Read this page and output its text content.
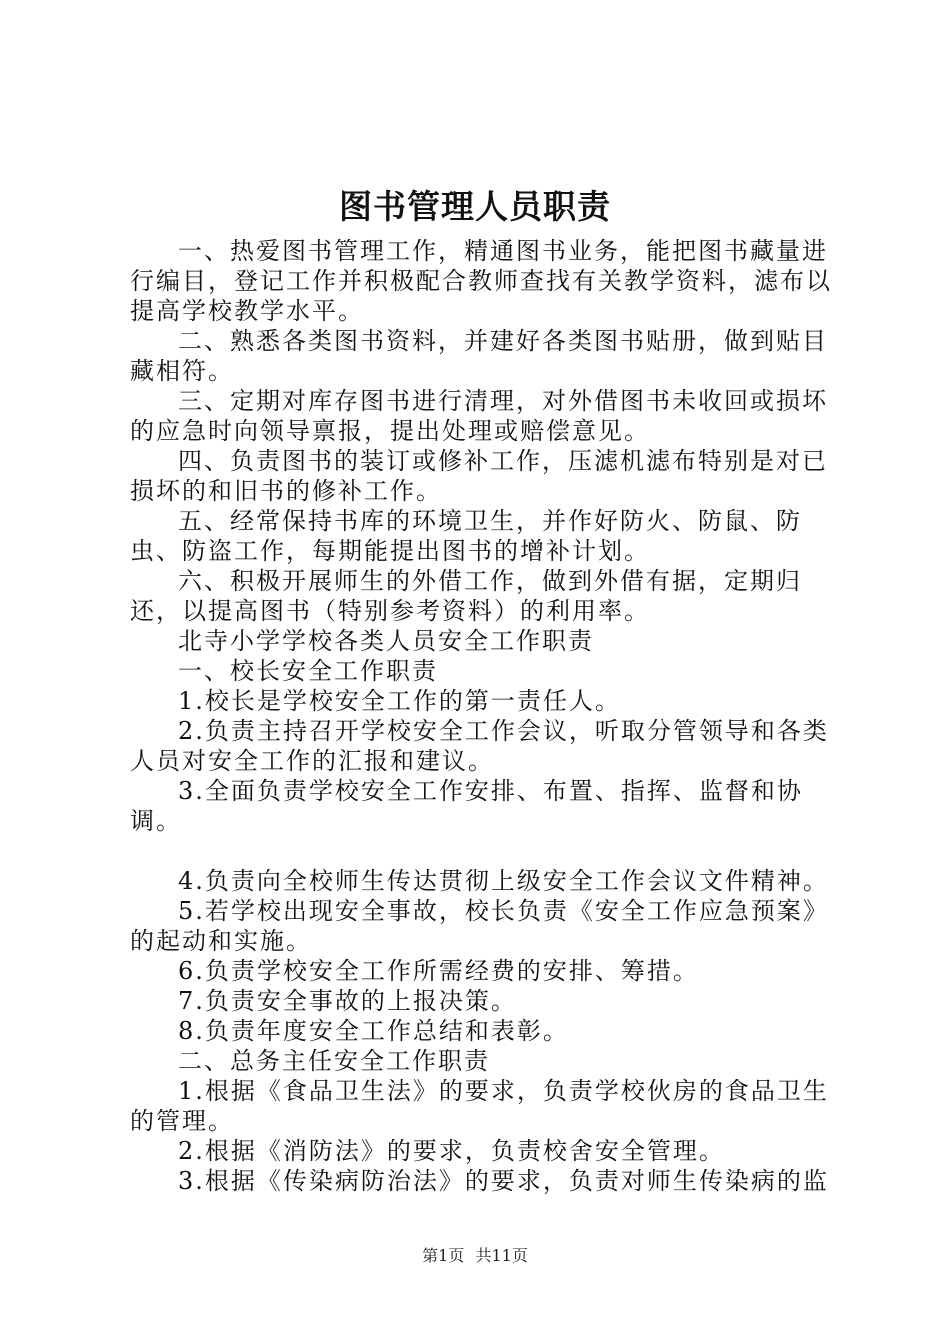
图书管理人员职责

一、热爱图书管理工作，精通图书业务，能把图书藏量进行编目，登记工作并积极配合教师查找有关教学资料，滤布以提高学校教学水平。

二、熟悉各类图书资料，并建好各类图书贴册，做到贴目藏相符。

三、定期对库存图书进行清理，对外借图书未收回或损坏的应急时向领导禀报，提出处理或赔偿意见。

四、负责图书的装订或修补工作，压滤机滤布特别是对已损坏的和旧书的修补工作。

五、经常保持书库的环境卫生，并作好防火、防鼠、防虫、防盗工作，每期能提出图书的增补计划。

六、积极开展师生的外借工作，做到外借有据，定期归还，以提高图书（特别参考资料）的利用率。

北寺小学学校各类人员安全工作职责

一、校长安全工作职责

1.校长是学校安全工作的第一责任人。

2.负责主持召开学校安全工作会议，听取分管领导和各类人员对安全工作的汇报和建议。

3.全面负责学校安全工作安排、布置、指挥、监督和协调。

4.负责向全校师生传达贯彻上级安全工作会议文件精神。

5.若学校出现安全事故，校长负责《安全工作应急预案》的起动和实施。

6.负责学校安全工作所需经费的安排、筹措。

7.负责安全事故的上报决策。

8.负责年度安全工作总结和表彰。

二、总务主任安全工作职责

1.根据《食品卫生法》的要求，负责学校伙房的食品卫生的管理。

2.根据《消防法》的要求，负责校舍安全管理。

3.根据《传染病防治法》的要求，负责对师生传染病的监

第1页 共11页
